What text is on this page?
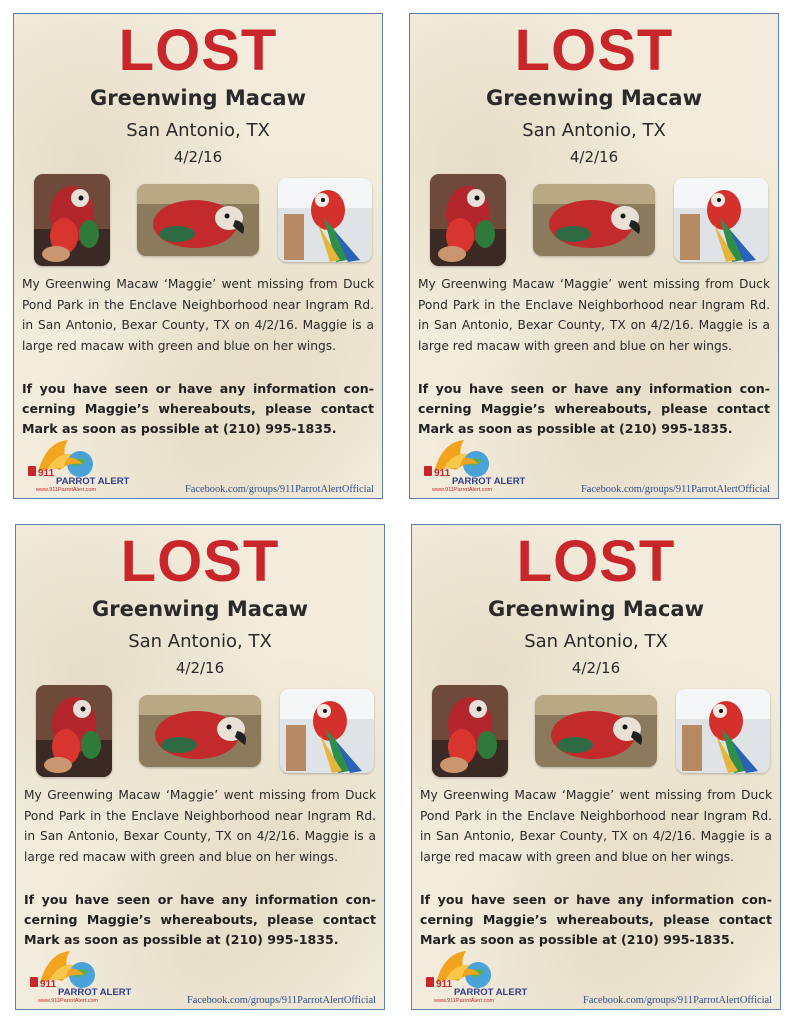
LOST
Greenwing Macaw
San Antonio, TX
4/2/16
My Greenwing Macaw ‘Maggie’ went missing from Duck Pond Park in the Enclave Neighborhood near Ingram Rd. in San Antonio, Bexar County, TX on 4/2/16. Maggie is a large red macaw with green and blue on her wings.
If you have seen or have any information concerning Maggie’s whereabouts, please contact Mark as soon as possible at (210) 995-1835.
911
PARROT ALERT
www.911ParrotAlert.com	Facebook.com/groups/911ParrotAlertOfficial
LOST
Greenwing Macaw
San Antonio, TX
4/2/16
My Greenwing Macaw ‘Maggie’ went missing from Duck Pond Park in the Enclave Neighborhood near Ingram Rd. in San Antonio, Bexar County, TX on 4/2/16. Maggie is a large red macaw with green and blue on her wings.
If you have seen or have any information concerning Maggie’s whereabouts, please contact Mark as soon as possible at (210) 995-1835.
911
PARROT ALERT
www.911ParrotAlert.com	Facebook.com/groups/911ParrotAlertOfficial
LOST
Greenwing Macaw
San Antonio, TX
4/2/16
My Greenwing Macaw ‘Maggie’ went missing from Duck Pond Park in the Enclave Neighborhood near Ingram Rd. in San Antonio, Bexar County, TX on 4/2/16. Maggie is a large red macaw with green and blue on her wings.
If you have seen or have any information concerning Maggie’s whereabouts, please contact Mark as soon as possible at (210) 995-1835.
911
PARROT ALERT
www.911ParrotAlert.com	Facebook.com/groups/911ParrotAlertOfficial
LOST
Greenwing Macaw
San Antonio, TX
4/2/16
My Greenwing Macaw ‘Maggie’ went missing from Duck Pond Park in the Enclave Neighborhood near Ingram Rd. in San Antonio, Bexar County, TX on 4/2/16. Maggie is a large red macaw with green and blue on her wings.
If you have seen or have any information concerning Maggie’s whereabouts, please contact Mark as soon as possible at (210) 995-1835.
911
PARROT ALERT
www.911ParrotAlert.com	Facebook.com/groups/911ParrotAlertOfficial
